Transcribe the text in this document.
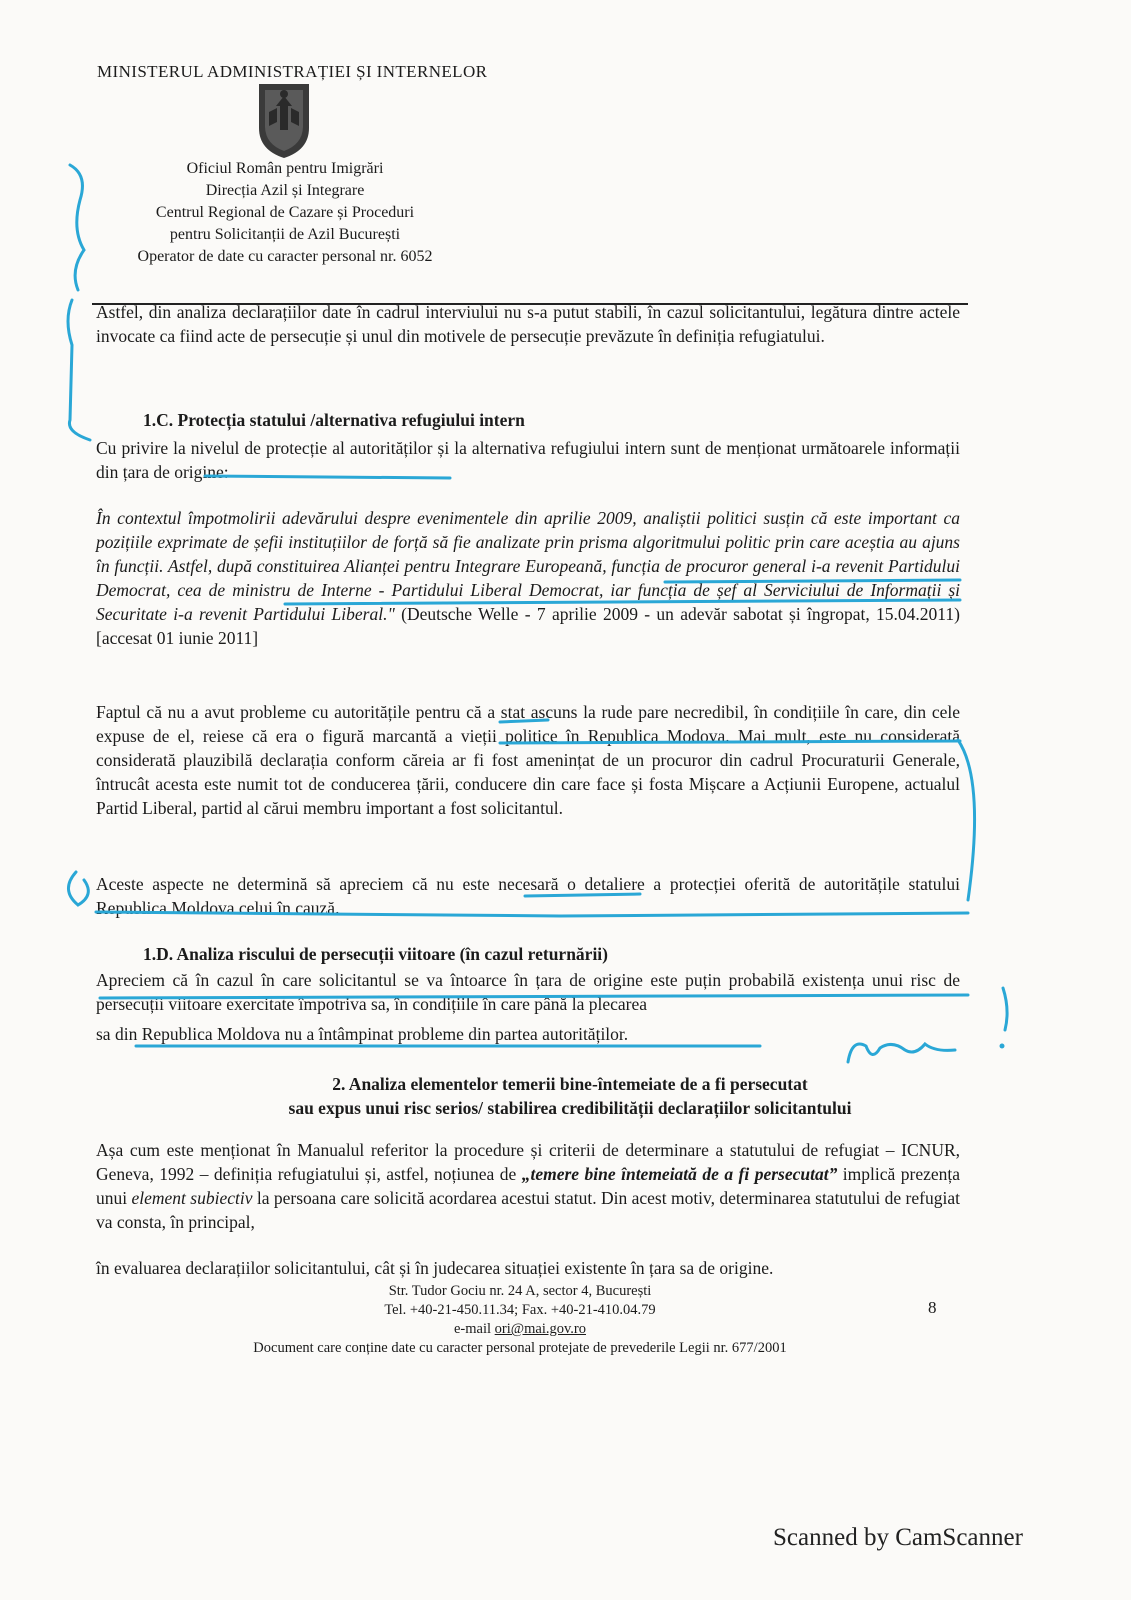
MINISTERUL ADMINISTRAȚIEI ȘI INTERNELOR
Oficiul Român pentru Imigrări
Direcția Azil și Integrare
Centrul Regional de Cazare și Proceduri
pentru Solicitanții de Azil București
Operator de date cu caracter personal nr. 6052

Astfel, din analiza declarațiilor date în cadrul interviului nu s-a putut stabili, în cazul solicitantului, legătura dintre actele invocate ca fiind acte de persecuție și unul din motivele de persecuție prevăzute în definiția refugiatului.

1.C. Protecția statului /alternativa refugiului intern

Cu privire la nivelul de protecție al autorităților și la alternativa refugiului intern sunt de menționat următoarele informații din țara de origine:

În contextul împotmolirii adevărului despre evenimentele din aprilie 2009, analiștii politici susțin că este important ca pozițiile exprimate de șefii instituțiilor de forță să fie analizate prin prisma algoritmului politic prin care aceștia au ajuns în funcții. Astfel, după constituirea Alianței pentru Integrare Europeană, funcția de procuror general i-a revenit Partidului Democrat, cea de ministru de Interne - Partidului Liberal Democrat, iar funcția de șef al Serviciului de Informații și Securitate i-a revenit Partidului Liberal." (Deutsche Welle - 7 aprilie 2009 - un adevăr sabotat și îngropat, 15.04.2011) [accesat 01 iunie 2011]

Faptul că nu a avut probleme cu autoritățile pentru că a stat ascuns la rude pare necredibil, în condițiile în care, din cele expuse de el, reiese că era o figură marcantă a vieții politice în Republica Modova. Mai mult, este nu considerată considerată plauzibilă declarația conform căreia ar fi fost amenințat de un procuror din cadrul Procuraturii Generale, întrucât acesta este numit tot de conducerea țării, conducere din care face și fosta Mișcare a Acțiunii Europene, actualul Partid Liberal, partid al cărui membru important a fost solicitantul.

Aceste aspecte ne determină să apreciem că nu este necesară o detaliere a protecției oferită de autoritățile statului Republica Moldova celui în cauză.

1.D. Analiza riscului de persecuții viitoare (în cazul returnării)

Apreciem că în cazul în care solicitantul se va întoarce în țara de origine este puțin probabilă existența unui risc de persecuții viitoare exercitate împotriva sa, în condițiile în care până la plecarea

sa din Republica Moldova nu a întâmpinat probleme din partea autorităților.
2. Analiza elementelor temerii bine-întemeiate de a fi persecutat
sau expus unui risc serios/ stabilirea credibilității declarațiilor solicitantului

Așa cum este menționat în Manualul referitor la procedure și criterii de determinare a statutului de refugiat – ICNUR, Geneva, 1992 – definiția refugiatului și, astfel, noțiunea de „temere bine întemeiată de a fi persecutat” implică prezența unui element subiectiv la persoana care solicită acordarea acestui statut. Din acest motiv, determinarea statutului de refugiat va consta, în principal,

în evaluarea declarațiilor solicitantului, cât și în judecarea situației existente în țara sa de origine.
Str. Tudor Gociu nr. 24 A, sector 4, București
Tel. +40-21-450.11.34; Fax. +40-21-410.04.79
e-mail ori@mai.gov.ro
Document care conține date cu caracter personal protejate de prevederile Legii nr. 677/2001
8
Scanned by CamScanner
